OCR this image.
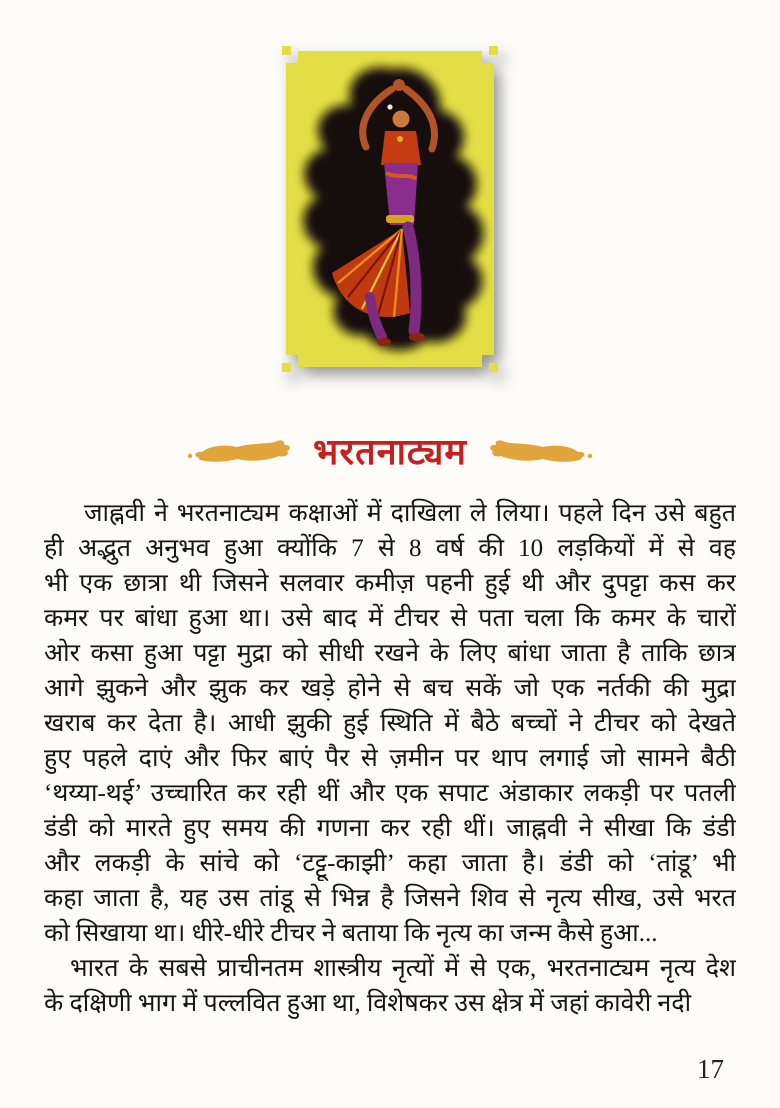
भरतनाट्यम
जाह्नवी ने भरतनाट्यम कक्षाओं में दाखिला ले लिया। पहले दिन उसे बहुत
ही अद्भुत अनुभव हुआ क्योंकि 7 से 8 वर्ष की 10 लड़कियों में से वह
भी एक छात्रा थी जिसने सलवार कमीज़ पहनी हुई थी और दुपट्टा कस कर
कमर पर बांधा हुआ था। उसे बाद में टीचर से पता चला कि कमर के चारों
ओर कसा हुआ पट्टा मुद्रा को सीधी रखने के लिए बांधा जाता है ताकि छात्र
आगे झुकने और झुक कर खड़े होने से बच सकें जो एक नर्तकी की मुद्रा
खराब कर देता है। आधी झुकी हुई स्थिति में बैठे बच्चों ने टीचर को देखते
हुए पहले दाएं और फिर बाएं पैर से ज़मीन पर थाप लगाई जो सामने बैठी
‘थय्या-थई’ उच्चारित कर रही थीं और एक सपाट अंडाकार लकड़ी पर पतली
डंडी को मारते हुए समय की गणना कर रही थीं। जाह्नवी ने सीखा कि डंडी
और लकड़ी के सांचे को ‘टट्टू-काझी’ कहा जाता है। डंडी को ‘तांडू’ भी
कहा जाता है, यह उस तांडू से भिन्न है जिसने शिव से नृत्य सीख, उसे भरत
को सिखाया था। धीरे-धीरे टीचर ने बताया कि नृत्य का जन्म कैसे हुआ...
भारत के सबसे प्राचीनतम शास्त्रीय नृत्यों में से एक, भरतनाट्यम नृत्य देश
के दक्षिणी भाग में पल्लवित हुआ था, विशेषकर उस क्षेत्र में जहां कावेरी नदी
17
